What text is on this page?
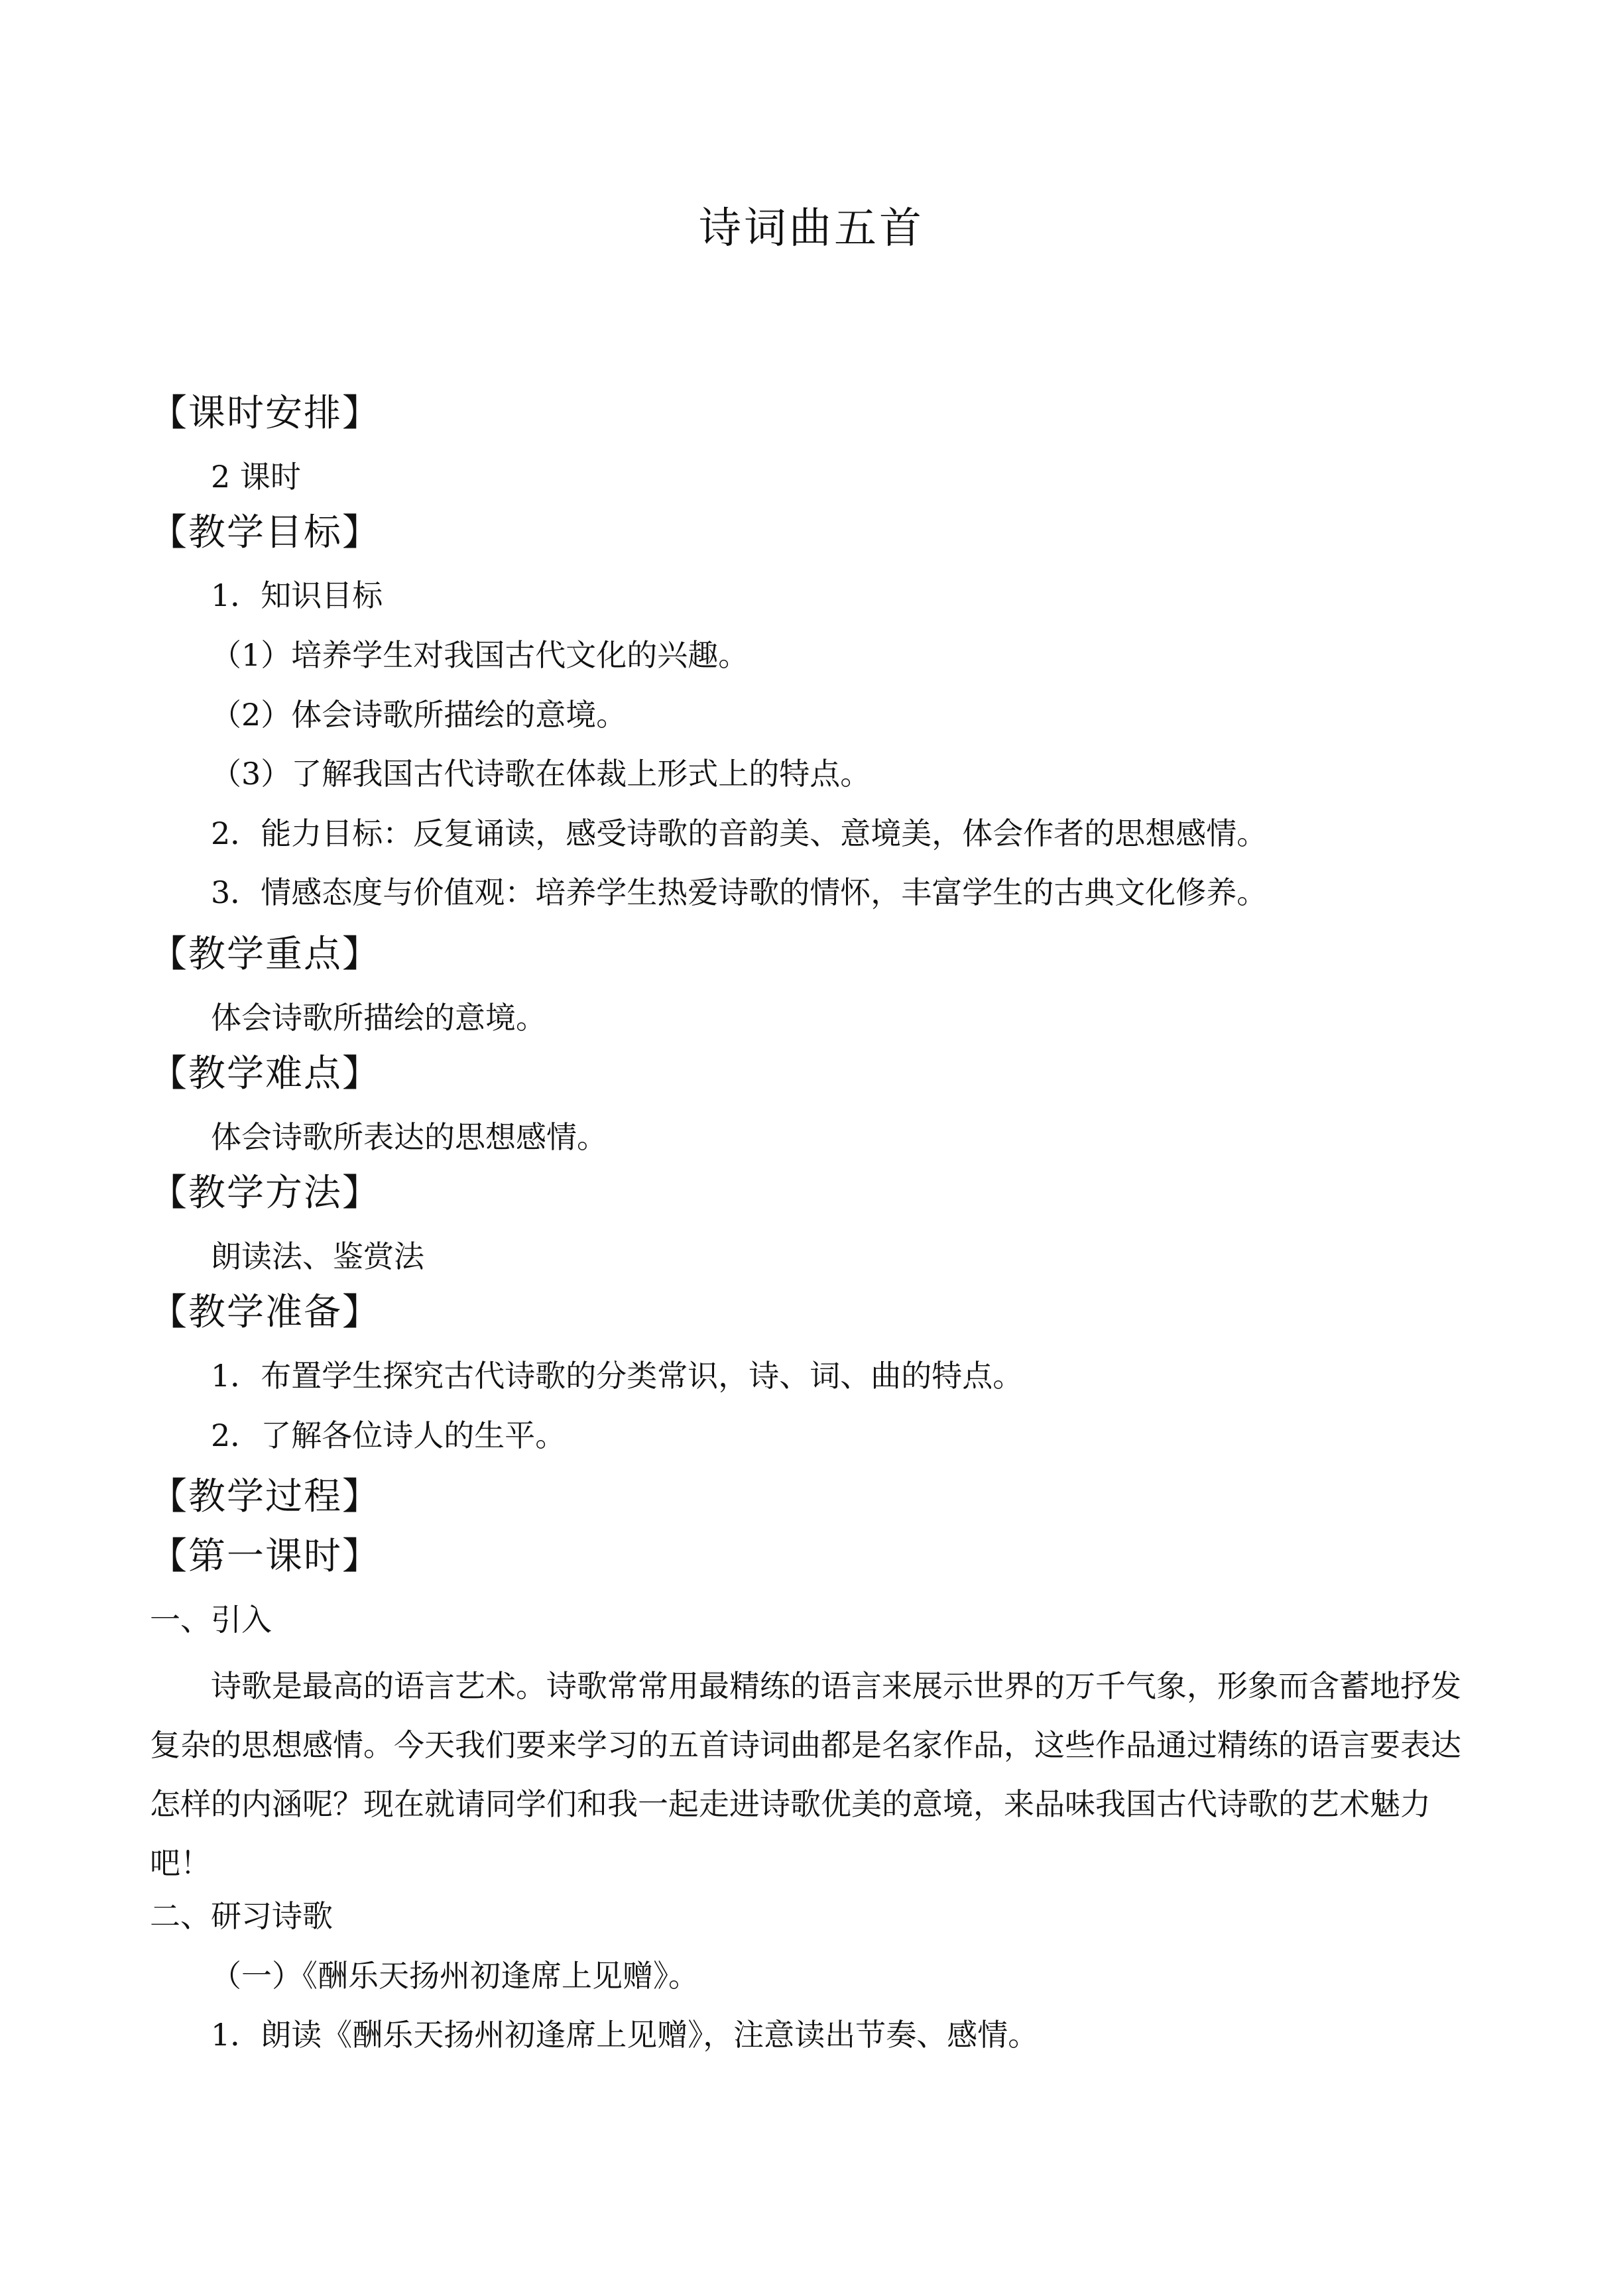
诗词曲五首
【课时安排】
2 课时
【教学目标】
1．知识目标
（1）培养学生对我国古代文化的兴趣。
（2）体会诗歌所描绘的意境。
（3）了解我国古代诗歌在体裁上形式上的特点。
2．能力目标：反复诵读，感受诗歌的音韵美、意境美，体会作者的思想感情。
3．情感态度与价值观：培养学生热爱诗歌的情怀，丰富学生的古典文化修养。
【教学重点】
体会诗歌所描绘的意境。
【教学难点】
体会诗歌所表达的思想感情。
【教学方法】
朗读法、鉴赏法
【教学准备】
1．布置学生探究古代诗歌的分类常识，诗、词、曲的特点。
2．了解各位诗人的生平。
【教学过程】
【第一课时】
一、引入
诗歌是最高的语言艺术。诗歌常常用最精练的语言来展示世界的万千气象，形象而含蓄地抒发复杂的思想感情。今天我们要来学习的五首诗词曲都是名家作品，这些作品通过精练的语言要表达怎样的内涵呢？现在就请同学们和我一起走进诗歌优美的意境，来品味我国古代诗歌的艺术魅力吧！
二、研习诗歌
（一）《酬乐天扬州初逢席上见赠》。
1．朗读《酬乐天扬州初逢席上见赠》，注意读出节奏、感情。
